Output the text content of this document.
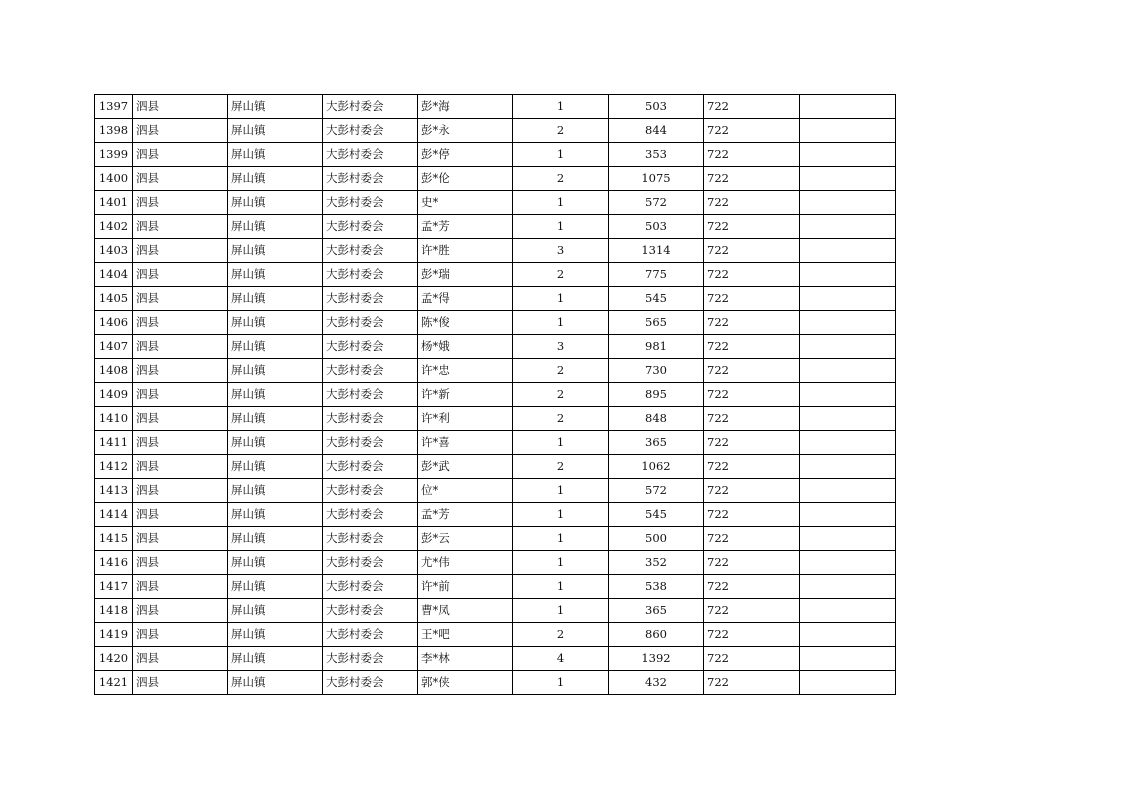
1397	泗县	屏山镇	大彭村委会	彭*海	1	503	722	
1398	泗县	屏山镇	大彭村委会	彭*永	2	844	722	
1399	泗县	屏山镇	大彭村委会	彭*停	1	353	722	
1400	泗县	屏山镇	大彭村委会	彭*伦	2	1075	722	
1401	泗县	屏山镇	大彭村委会	史*	1	572	722	
1402	泗县	屏山镇	大彭村委会	孟*芳	1	503	722	
1403	泗县	屏山镇	大彭村委会	许*胜	3	1314	722	
1404	泗县	屏山镇	大彭村委会	彭*瑞	2	775	722	
1405	泗县	屏山镇	大彭村委会	孟*得	1	545	722	
1406	泗县	屏山镇	大彭村委会	陈*俊	1	565	722	
1407	泗县	屏山镇	大彭村委会	杨*娥	3	981	722	
1408	泗县	屏山镇	大彭村委会	许*忠	2	730	722	
1409	泗县	屏山镇	大彭村委会	许*新	2	895	722	
1410	泗县	屏山镇	大彭村委会	许*利	2	848	722	
1411	泗县	屏山镇	大彭村委会	许*喜	1	365	722	
1412	泗县	屏山镇	大彭村委会	彭*武	2	1062	722	
1413	泗县	屏山镇	大彭村委会	位*	1	572	722	
1414	泗县	屏山镇	大彭村委会	孟*芳	1	545	722	
1415	泗县	屏山镇	大彭村委会	彭*云	1	500	722	
1416	泗县	屏山镇	大彭村委会	尤*伟	1	352	722	
1417	泗县	屏山镇	大彭村委会	许*前	1	538	722	
1418	泗县	屏山镇	大彭村委会	曹*凤	1	365	722	
1419	泗县	屏山镇	大彭村委会	王*吧	2	860	722	
1420	泗县	屏山镇	大彭村委会	李*林	4	1392	722	
1421	泗县	屏山镇	大彭村委会	郭*侠	1	432	722	
